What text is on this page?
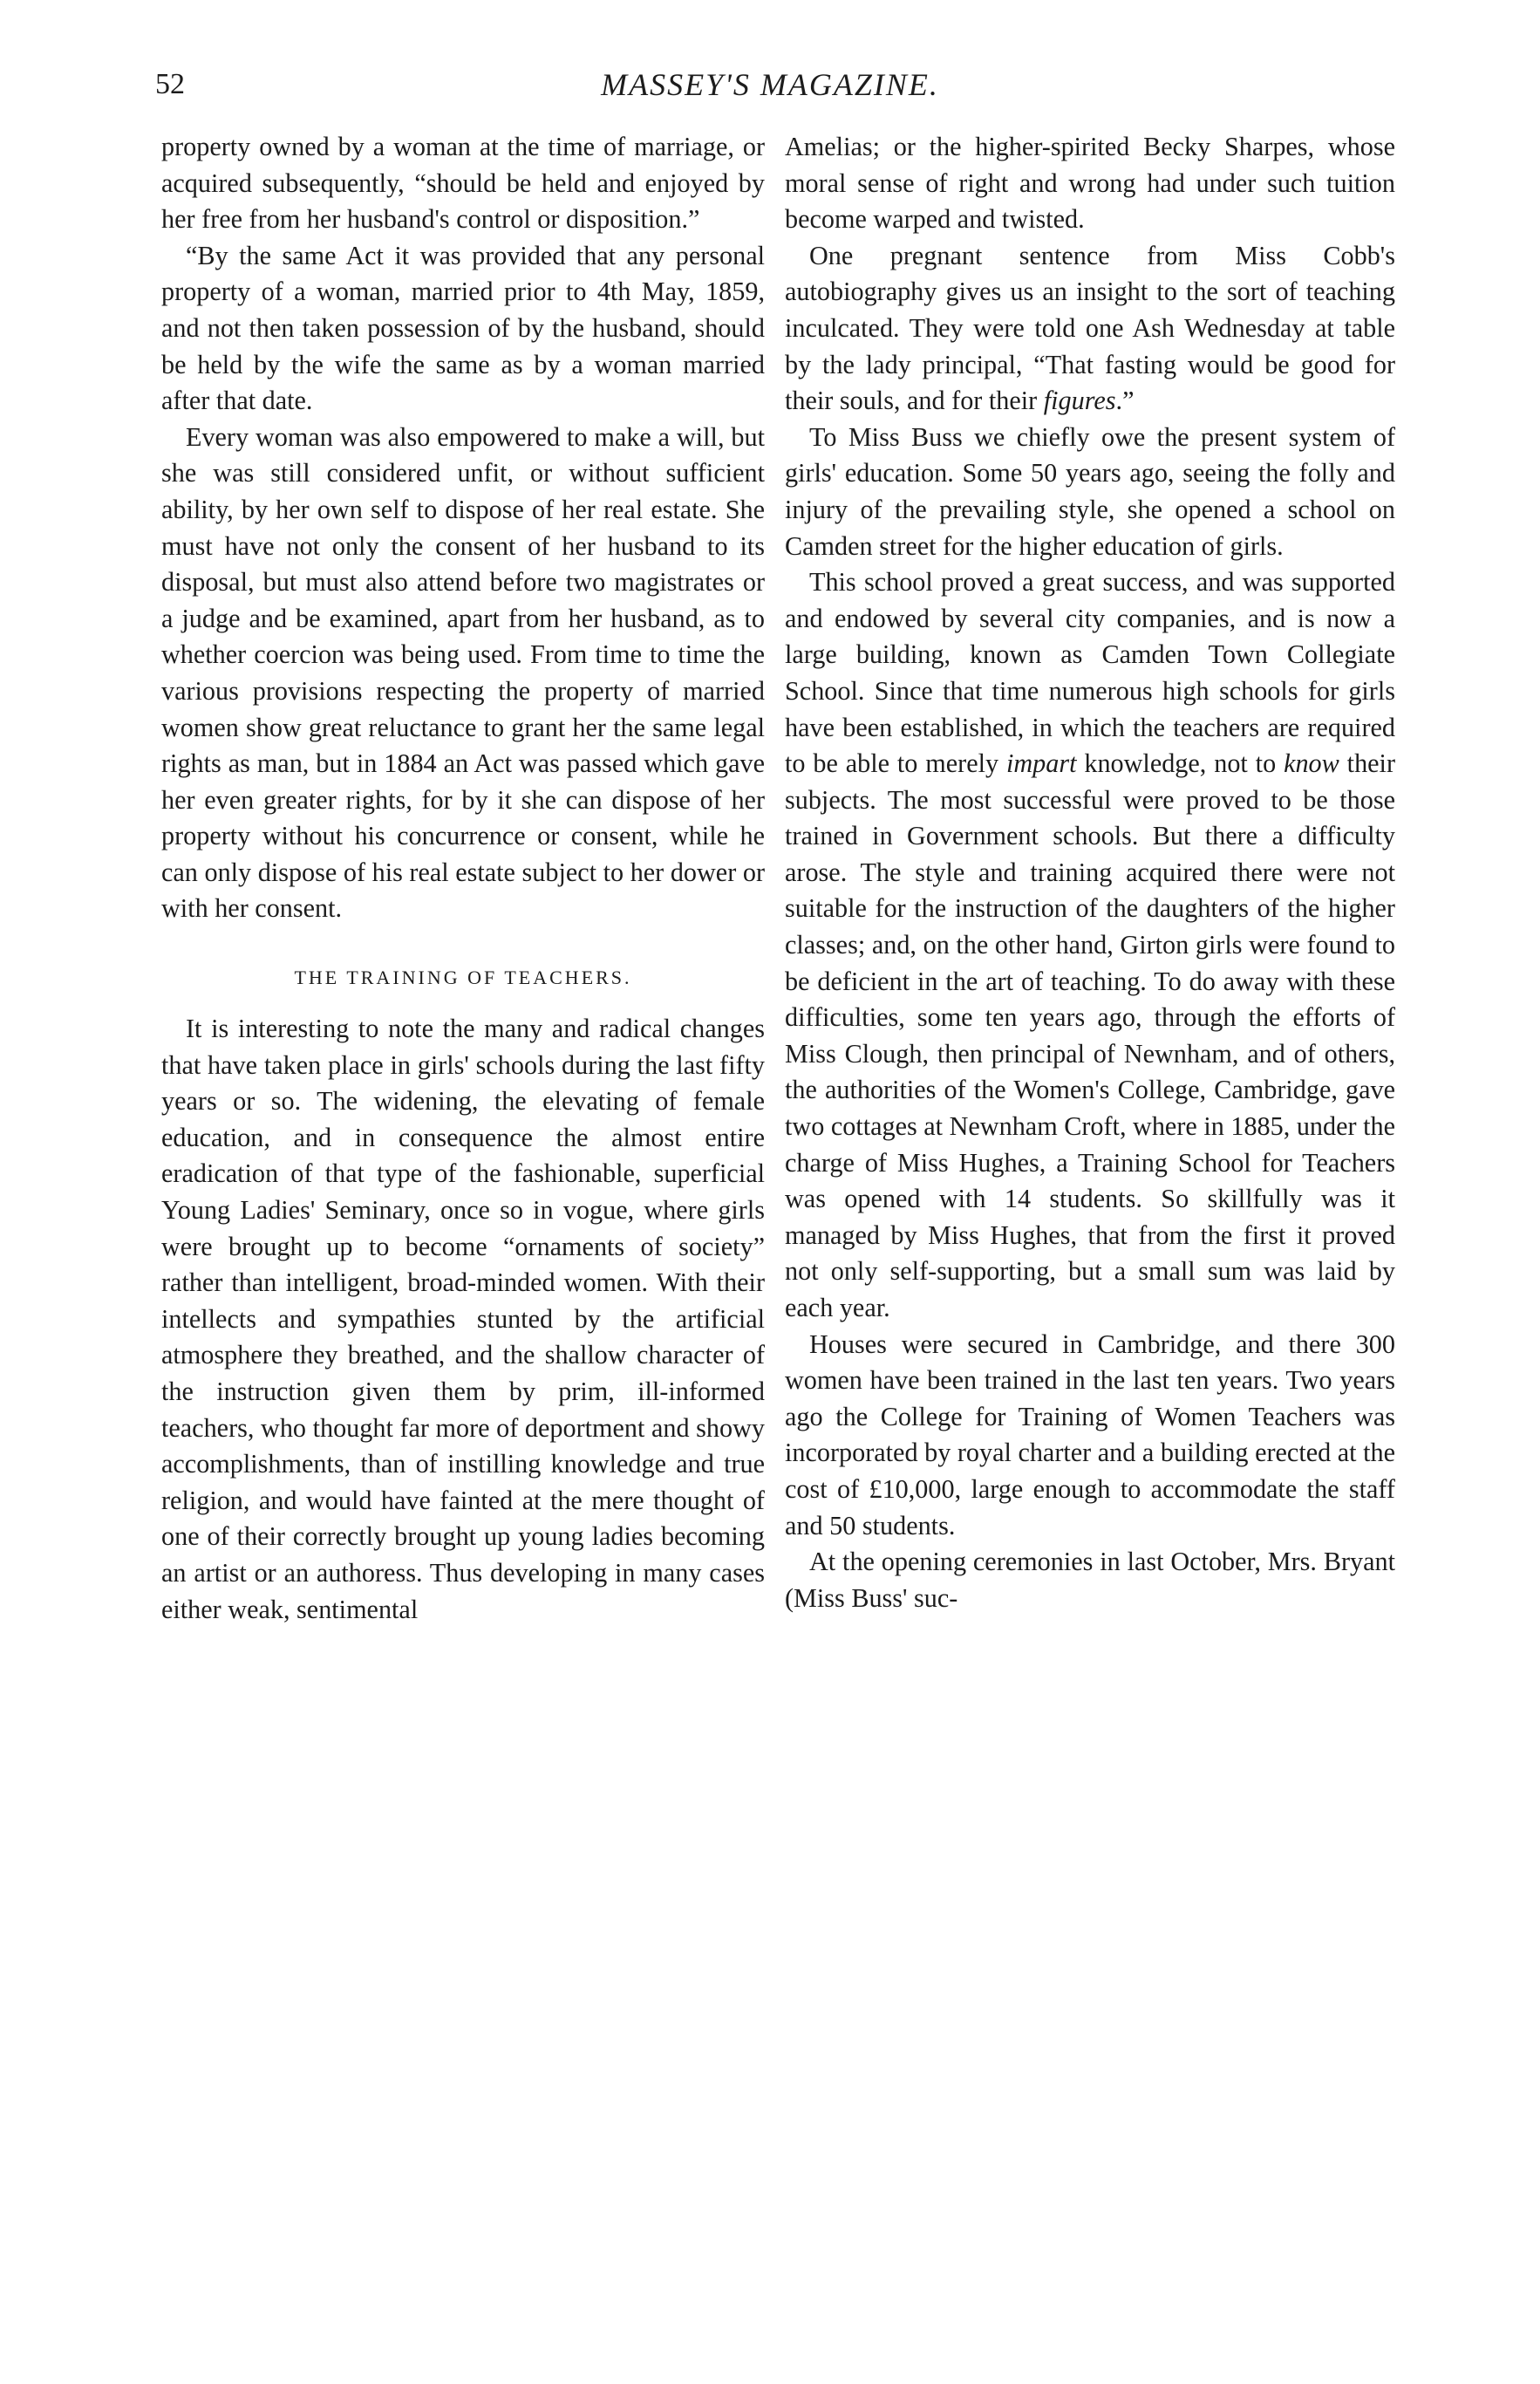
52	MASSEY'S MAGAZINE.

property owned by a woman at the time of marriage, or acquired subsequently, “should be held and enjoyed by her free from her husband's control or disposition.”

“By the same Act it was provided that any personal property of a woman, married prior to 4th May, 1859, and not then taken possession of by the husband, should be held by the wife the same as by a woman married after that date.

Every woman was also empowered to make a will, but she was still considered unfit, or without sufficient ability, by her own self to dispose of her real estate. She must have not only the consent of her husband to its disposal, but must also attend before two magistrates or a judge and be examined, apart from her husband, as to whether coercion was being used. From time to time the various provisions respecting the property of married women show great reluctance to grant her the same legal rights as man, but in 1884 an Act was passed which gave her even greater rights, for by it she can dispose of her property without his concurrence or consent, while he can only dispose of his real estate subject to her dower or with her consent.

THE TRAINING OF TEACHERS.

It is interesting to note the many and radical changes that have taken place in girls' schools during the last fifty years or so. The widening, the elevating of female education, and in consequence the almost entire eradication of that type of the fashionable, superficial Young Ladies' Seminary, once so in vogue, where girls were brought up to become “ornaments of society” rather than intelligent, broad-minded women. With their intellects and sympathies stunted by the artificial atmosphere they breathed, and the shallow character of the instruction given them by prim, ill-informed teachers, who thought far more of deportment and showy accomplishments, than of instilling knowledge and true religion, and would have fainted at the mere thought of one of their correctly brought up young ladies becoming an artist or an authoress. Thus developing in many cases either weak, sentimental

Amelias; or the higher-spirited Becky Sharpes, whose moral sense of right and wrong had under such tuition become warped and twisted.

One pregnant sentence from Miss Cobb's autobiography gives us an insight to the sort of teaching inculcated. They were told one Ash Wednesday at table by the lady principal, “That fasting would be good for their souls, and for their figures.”

To Miss Buss we chiefly owe the present system of girls' education. Some 50 years ago, seeing the folly and injury of the prevailing style, she opened a school on Camden street for the higher education of girls.

This school proved a great success, and was supported and endowed by several city companies, and is now a large building, known as Camden Town Collegiate School. Since that time numerous high schools for girls have been established, in which the teachers are required to be able to merely impart knowledge, not to know their subjects. The most successful were proved to be those trained in Government schools. But there a difficulty arose. The style and training acquired there were not suitable for the instruction of the daughters of the higher classes; and, on the other hand, Girton girls were found to be deficient in the art of teaching. To do away with these difficulties, some ten years ago, through the efforts of Miss Clough, then principal of Newnham, and of others, the authorities of the Women's College, Cambridge, gave two cottages at Newnham Croft, where in 1885, under the charge of Miss Hughes, a Training School for Teachers was opened with 14 students. So skillfully was it managed by Miss Hughes, that from the first it proved not only self-supporting, but a small sum was laid by each year.

Houses were secured in Cambridge, and there 300 women have been trained in the last ten years. Two years ago the College for Training of Women Teachers was incorporated by royal charter and a building erected at the cost of £10,000, large enough to accommodate the staff and 50 students.

At the opening ceremonies in last October, Mrs. Bryant (Miss Buss' suc-
